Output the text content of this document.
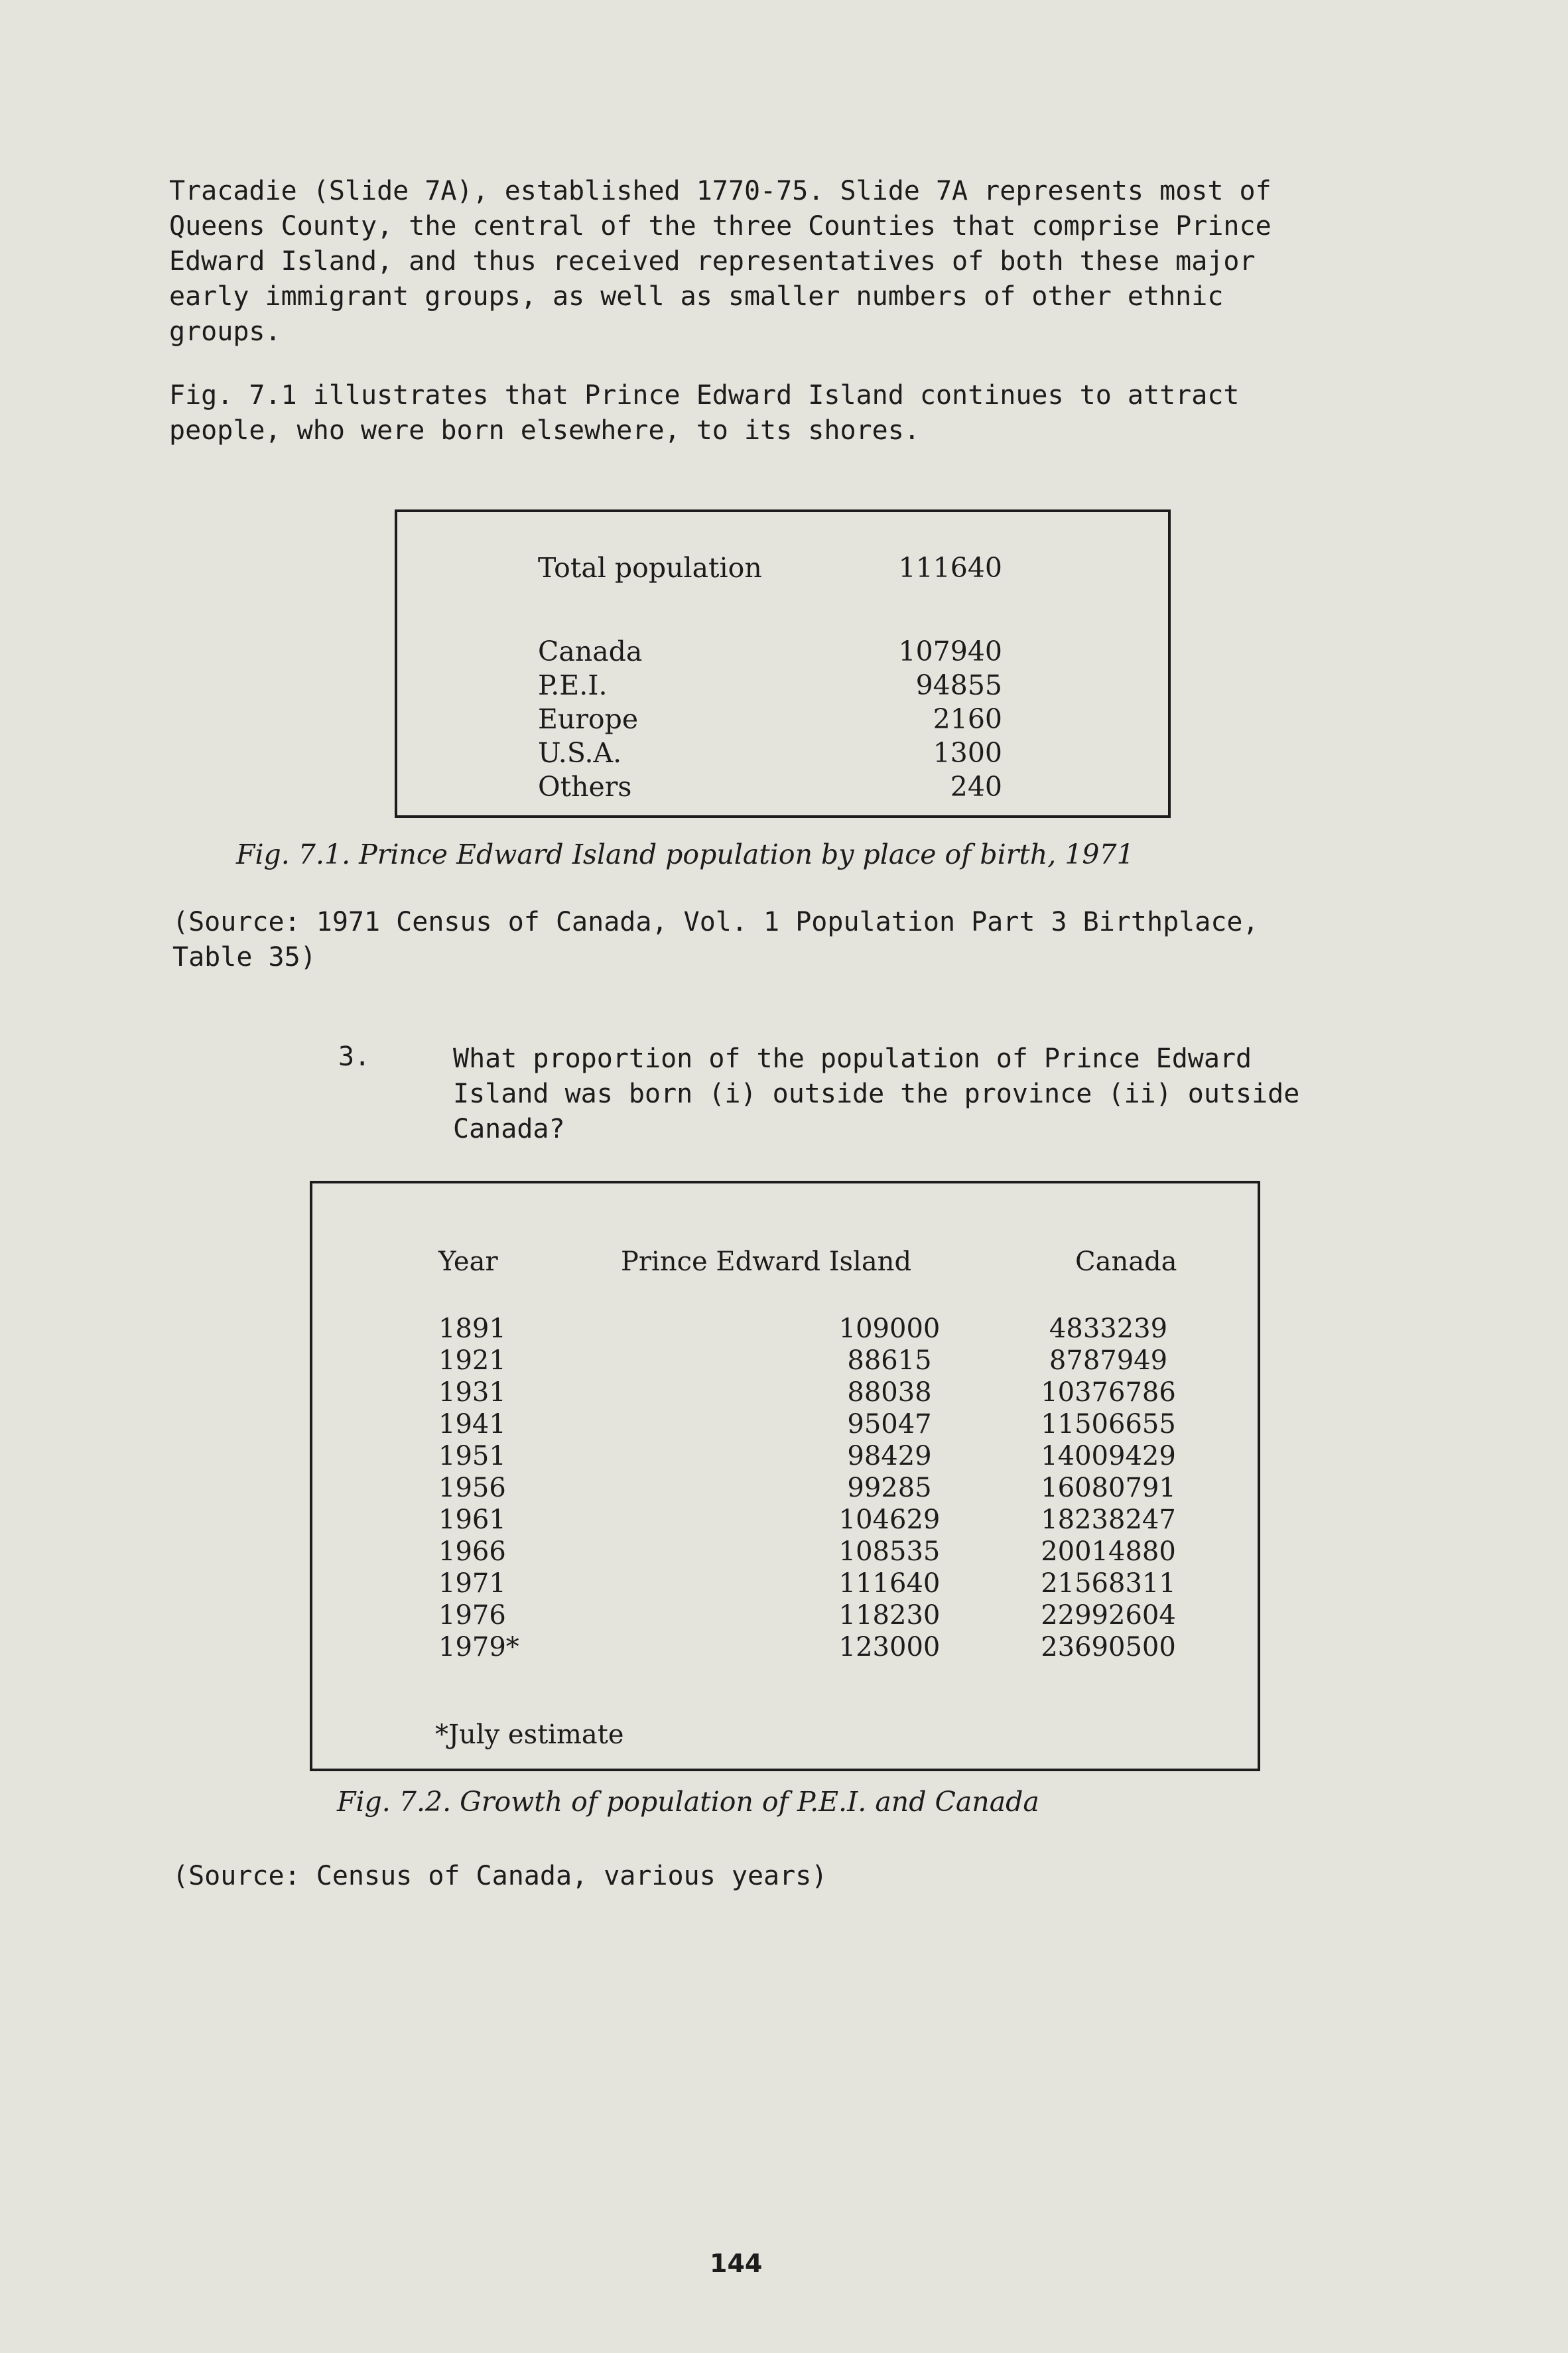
Tracadie (Slide 7A), established 1770-75. Slide 7A represents most of
Queens County, the central of the three Counties that comprise Prince
Edward Island, and thus received representatives of both these major
early immigrant groups, as well as smaller numbers of other ethnic
groups.

Fig. 7.1 illustrates that Prince Edward Island continues to attract
people, who were born elsewhere, to its shores.

Total population	111640
Canada	107940
P.E.I.	94855
Europe	2160
U.S.A.	1300
Others	240
Fig. 7.1. Prince Edward Island population by place of birth, 1971

(Source: 1971 Census of Canada, Vol. 1 Population Part 3 Birthplace,
Table 35)

3.	What proportion of the population of Prince Edward
Island was born (i) outside the province (ii) outside
Canada?

Year	Prince Edward Island	Canada
1891	109000	4833239
1921	88615	8787949
1931	88038	10376786
1941	95047	11506655
1951	98429	14009429
1956	99285	16080791
1961	104629	18238247
1966	108535	20014880
1971	111640	21568311
1976	118230	22992604
1979*	123000	23690500
*July estimate
Fig. 7.2. Growth of population of P.E.I. and Canada

(Source: Census of Canada, various years)

144
